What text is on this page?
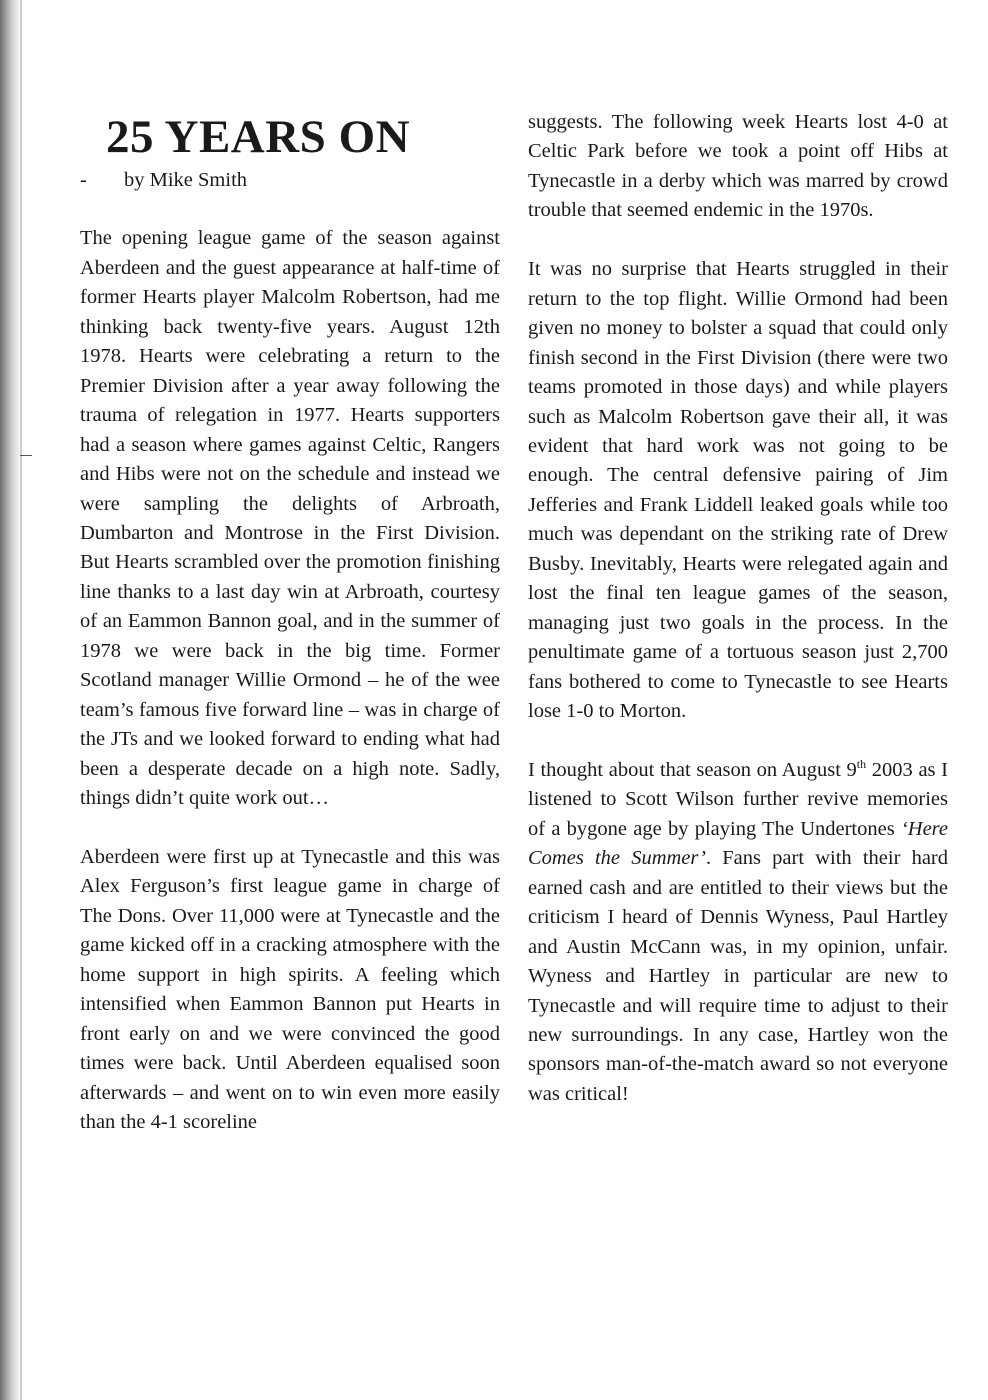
25 YEARS ON

- by Mike Smith

The opening league game of the season against Aberdeen and the guest appearance at half-time of former Hearts player Malcolm Robertson, had me thinking back twenty-five years. August 12th 1978. Hearts were celebrating a return to the Premier Division after a year away following the trauma of relegation in 1977. Hearts supporters had a season where games against Celtic, Rangers and Hibs were not on the schedule and instead we were sampling the delights of Arbroath, Dumbarton and Montrose in the First Division. But Hearts scrambled over the promotion finishing line thanks to a last day win at Arbroath, courtesy of an Eammon Bannon goal, and in the summer of 1978 we were back in the big time. Former Scotland manager Willie Ormond – he of the wee team’s famous five forward line – was in charge of the JTs and we looked forward to ending what had been a desperate decade on a high note. Sadly, things didn’t quite work out…

Aberdeen were first up at Tynecastle and this was Alex Ferguson’s first league game in charge of The Dons. Over 11,000 were at Tynecastle and the game kicked off in a cracking atmosphere with the home support in high spirits. A feeling which intensified when Eammon Bannon put Hearts in front early on and we were convinced the good times were back. Until Aberdeen equalised soon afterwards – and went on to win even more easily than the 4-1 scoreline

suggests. The following week Hearts lost 4-0 at Celtic Park before we took a point off Hibs at Tynecastle in a derby which was marred by crowd trouble that seemed endemic in the 1970s.

It was no surprise that Hearts struggled in their return to the top flight. Willie Ormond had been given no money to bolster a squad that could only finish second in the First Division (there were two teams promoted in those days) and while players such as Malcolm Robertson gave their all, it was evident that hard work was not going to be enough. The central defensive pairing of Jim Jefferies and Frank Liddell leaked goals while too much was dependant on the striking rate of Drew Busby. Inevitably, Hearts were relegated again and lost the final ten league games of the season, managing just two goals in the process. In the penultimate game of a tortuous season just 2,700 fans bothered to come to Tynecastle to see Hearts lose 1-0 to Morton.

I thought about that season on August 9th 2003 as I listened to Scott Wilson further revive memories of a bygone age by playing The Undertones ‘Here Comes the Summer’. Fans part with their hard earned cash and are entitled to their views but the criticism I heard of Dennis Wyness, Paul Hartley and Austin McCann was, in my opinion, unfair. Wyness and Hartley in particular are new to Tynecastle and will require time to adjust to their new surroundings. In any case, Hartley won the sponsors man-of-the-match award so not everyone was critical!
